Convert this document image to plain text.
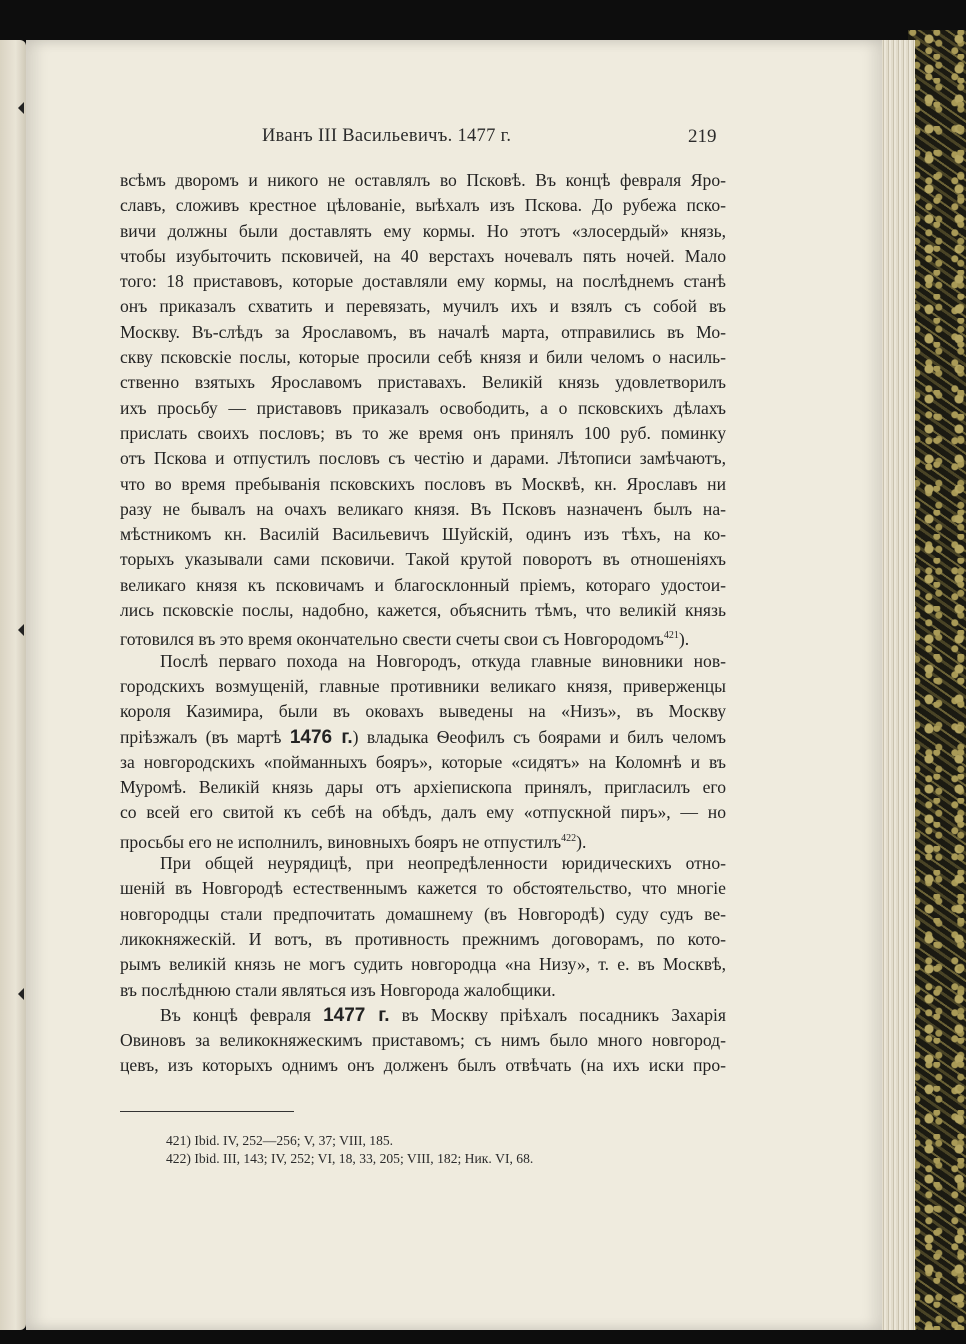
Иванъ III Васильевичъ. 1477 г.	219
всѣмъ дворомъ и никого не оставлялъ во Псковѣ. Въ концѣ февраля Яро-
славъ, сложивъ крестное цѣлованіе, выѣхалъ изъ Пскова. До рубежа пско-
вичи должны были доставлять ему кормы. Но этотъ «злосердый» князь,
чтобы изубыточить псковичей, на 40 верстахъ ночевалъ пять ночей. Мало
того: 18 приставовъ, которые доставляли ему кормы, на послѣднемъ станѣ
онъ приказалъ схватить и перевязать, мучилъ ихъ и взялъ съ собой въ
Москву. Въ-слѣдъ за Ярославомъ, въ началѣ марта, отправились въ Мо-
скву псковскіе послы, которые просили себѣ князя и били челомъ о насиль-
ственно взятыхъ Ярославомъ приставахъ. Великій князь удовлетворилъ
ихъ просьбу — приставовъ приказалъ освободить, а о псковскихъ дѣлахъ
прислать своихъ пословъ; въ то же время онъ принялъ 100 руб. поминку
отъ Пскова и отпустилъ пословъ съ честію и дарами. Лѣтописи замѣчаютъ,
что во время пребыванія псковскихъ пословъ въ Москвѣ, кн. Ярославъ ни
разу не бывалъ на очахъ великаго князя. Въ Псковъ назначенъ былъ на-
мѣстникомъ кн. Василій Васильевичъ Шуйскій, одинъ изъ тѣхъ, на ко-
торыхъ указывали сами псковичи. Такой крутой поворотъ въ отношеніяхъ
великаго князя къ псковичамъ и благосклонный пріемъ, котораго удостои-
лись псковскіе послы, надобно, кажется, объяснить тѣмъ, что великій князь
готовился въ это время окончательно свести счеты свои съ Новгородомъ$^{421}$).
Послѣ перваго похода на Новгородъ, откуда главные виновники нов-
городскихъ возмущеній, главные противники великаго князя, приверженцы
короля Казимира, были въ оковахъ выведены на «Низъ», въ Москву
пріѣзжалъ (въ мартѣ 1476 г.) владыка Ѳеофилъ съ боярами и билъ челомъ
за новгородскихъ «пойманныхъ бояръ», которые «сидятъ» на Коломнѣ и въ
Муромѣ. Великій князь дары отъ архіепископа принялъ, пригласилъ его
со всей его свитой къ себѣ на обѣдъ, далъ ему «отпускной пиръ», — но
просьбы его не исполнилъ, виновныхъ бояръ не отпустилъ$^{422}$).
При общей неурядицѣ, при неопредѣленности юридическихъ отно-
шеній въ Новгородѣ естественнымъ кажется то обстоятельство, что многіе
новгородцы стали предпочитать домашнему (въ Новгородѣ) суду судъ ве-
ликокняжескій. И вотъ, въ противность прежнимъ договорамъ, по кото-
рымъ великій князь не могъ судить новгородца «на Низу», т. е. въ Москвѣ,
въ послѣднюю стали являться изъ Новгорода жалобщики.
Въ концѣ февраля 1477 г. въ Москву пріѣхалъ посадникъ Захарія
Овиновъ за великокняжескимъ приставомъ; съ нимъ было много новгород-
цевъ, изъ которыхъ однимъ онъ долженъ былъ отвѣчать (на ихъ иски про-
421) Ibid. IV, 252—256; V, 37; VIII, 185.
422) Ibid. III, 143; IV, 252; VI, 18, 33, 205; VIII, 182; Ник. VI, 68.
